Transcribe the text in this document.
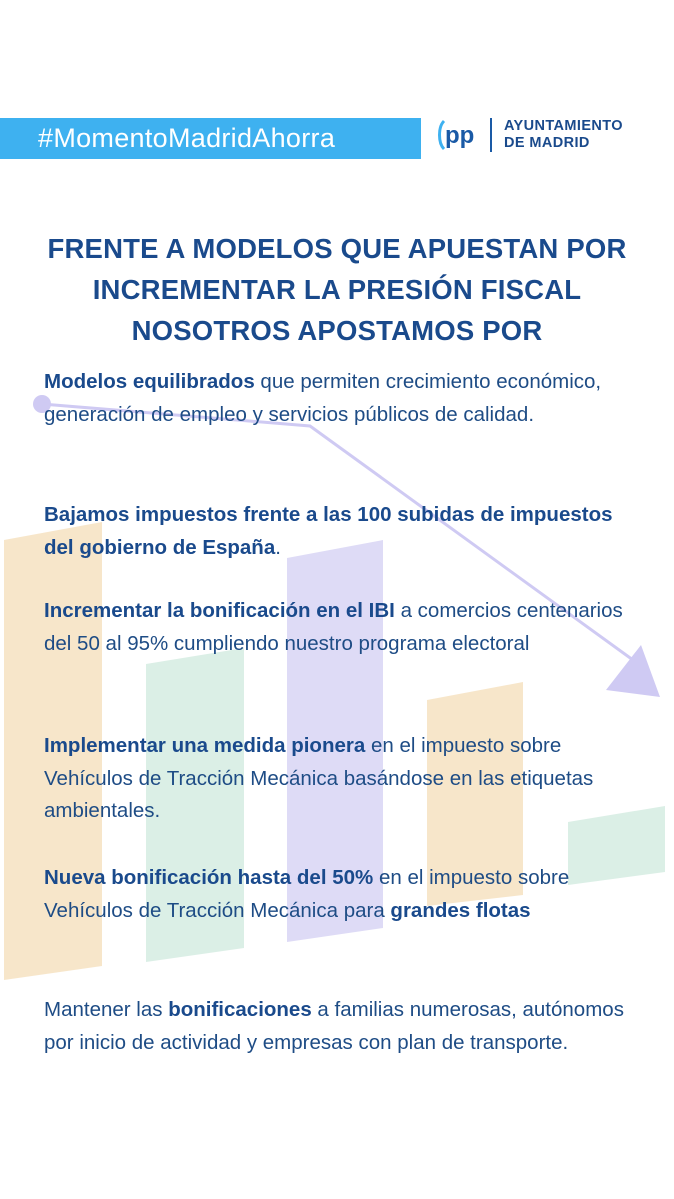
#MomentoMadridAhorra	pp AYUNTAMIENTO
DE MADRID
FRENTE A MODELOS QUE APUESTAN POR
INCREMENTAR LA PRESIÓN FISCAL
NOSOTROS APOSTAMOS POR

Modelos equilibrados que permiten crecimiento económico, generación de empleo y servicios públicos de calidad.

Bajamos impuestos frente a las 100 subidas de impuestos del gobierno de España.

Incrementar la bonificación en el IBI a comercios centenarios del 50 al 95% cumpliendo nuestro programa electoral

Implementar una medida pionera en el impuesto sobre Vehículos de Tracción Mecánica basándose en las etiquetas ambientales.

Nueva bonificación hasta del 50% en el impuesto sobre Vehículos de Tracción Mecánica para grandes flotas

Mantener las bonificaciones a familias numerosas, autónomos por inicio de actividad y empresas con plan de transporte.
